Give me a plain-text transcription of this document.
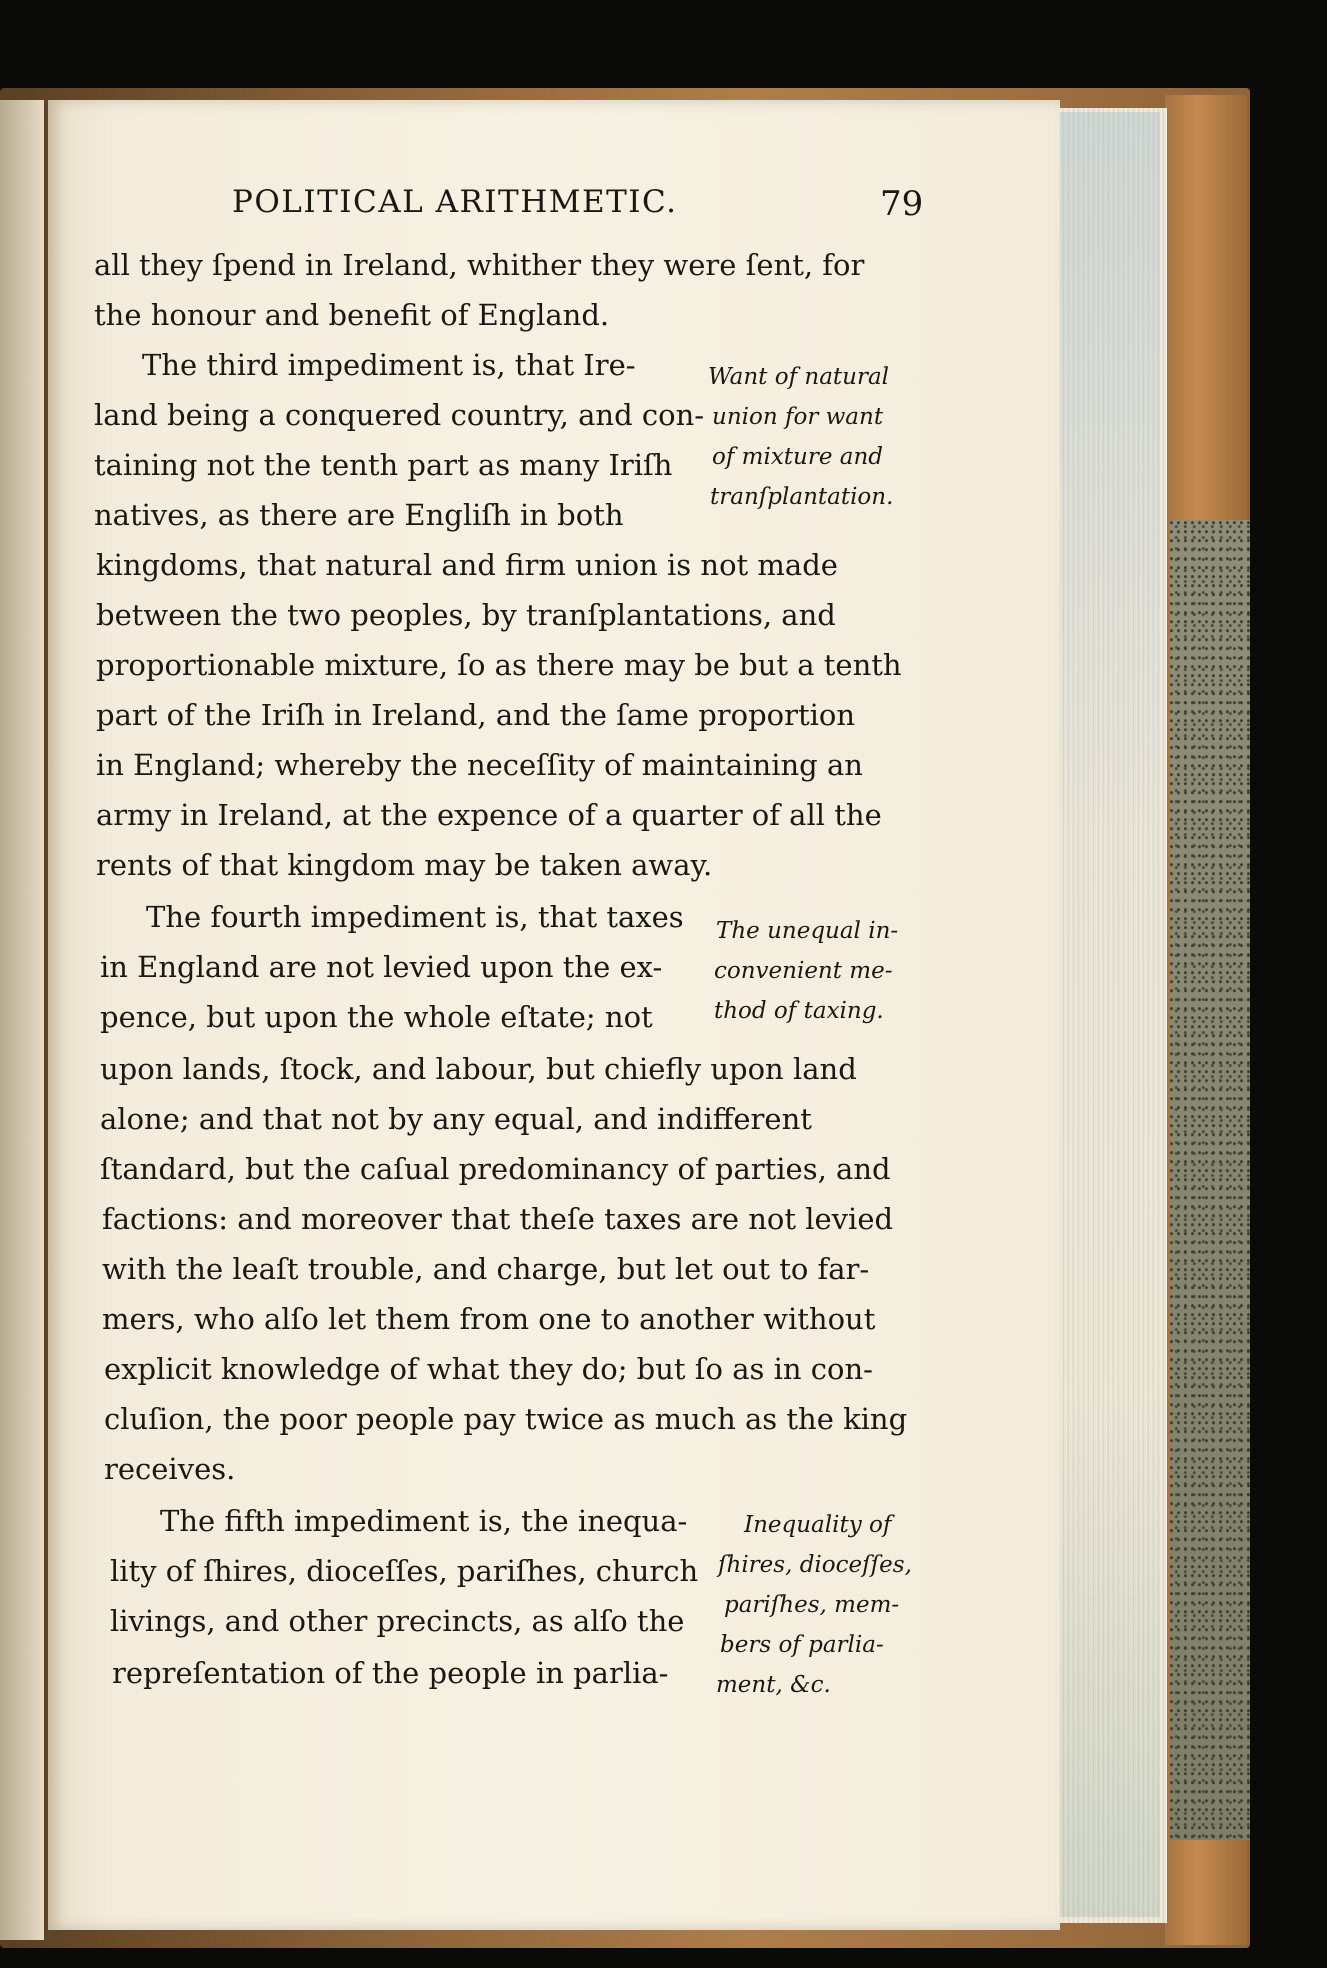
POLITICAL ARITHMETIC.	79
all they ſpend in Ireland, whither they were ſent, for
the honour and benefit of England.
The third impediment is, that Ire-
land being a conquered country, and con-
taining not the tenth part as many Iriſh
natives, as there are Engliſh in both
kingdoms, that natural and firm union is not made
between the two peoples, by tranſplantations, and
proportionable mixture, ſo as there may be but a tenth
part of the Iriſh in Ireland, and the ſame proportion
in England; whereby the neceſſity of maintaining an
army in Ireland, at the expence of a quarter of all the
rents of that kingdom may be taken away.
The fourth impediment is, that taxes
in England are not levied upon the ex-
pence, but upon the whole eſtate; not
upon lands, ſtock, and labour, but chiefly upon land
alone; and that not by any equal, and indifferent
ſtandard, but the caſual predominancy of parties, and
factions: and moreover that theſe taxes are not levied
with the leaſt trouble, and charge, but let out to far-
mers, who alſo let them from one to another without
explicit knowledge of what they do; but ſo as in con-
cluſion, the poor people pay twice as much as the king
receives.
The fifth impediment is, the inequa-
lity of ſhires, dioceſſes, pariſhes, church
livings, and other precincts, as alſo the
repreſentation of the people in parlia-
Want of natural
union for want
of mixture and
tranſplantation.
The unequal in-
convenient me-
thod of taxing.
Inequality of
ſhires, dioceſſes,
pariſhes, mem-
bers of parlia-
ment, &c.
